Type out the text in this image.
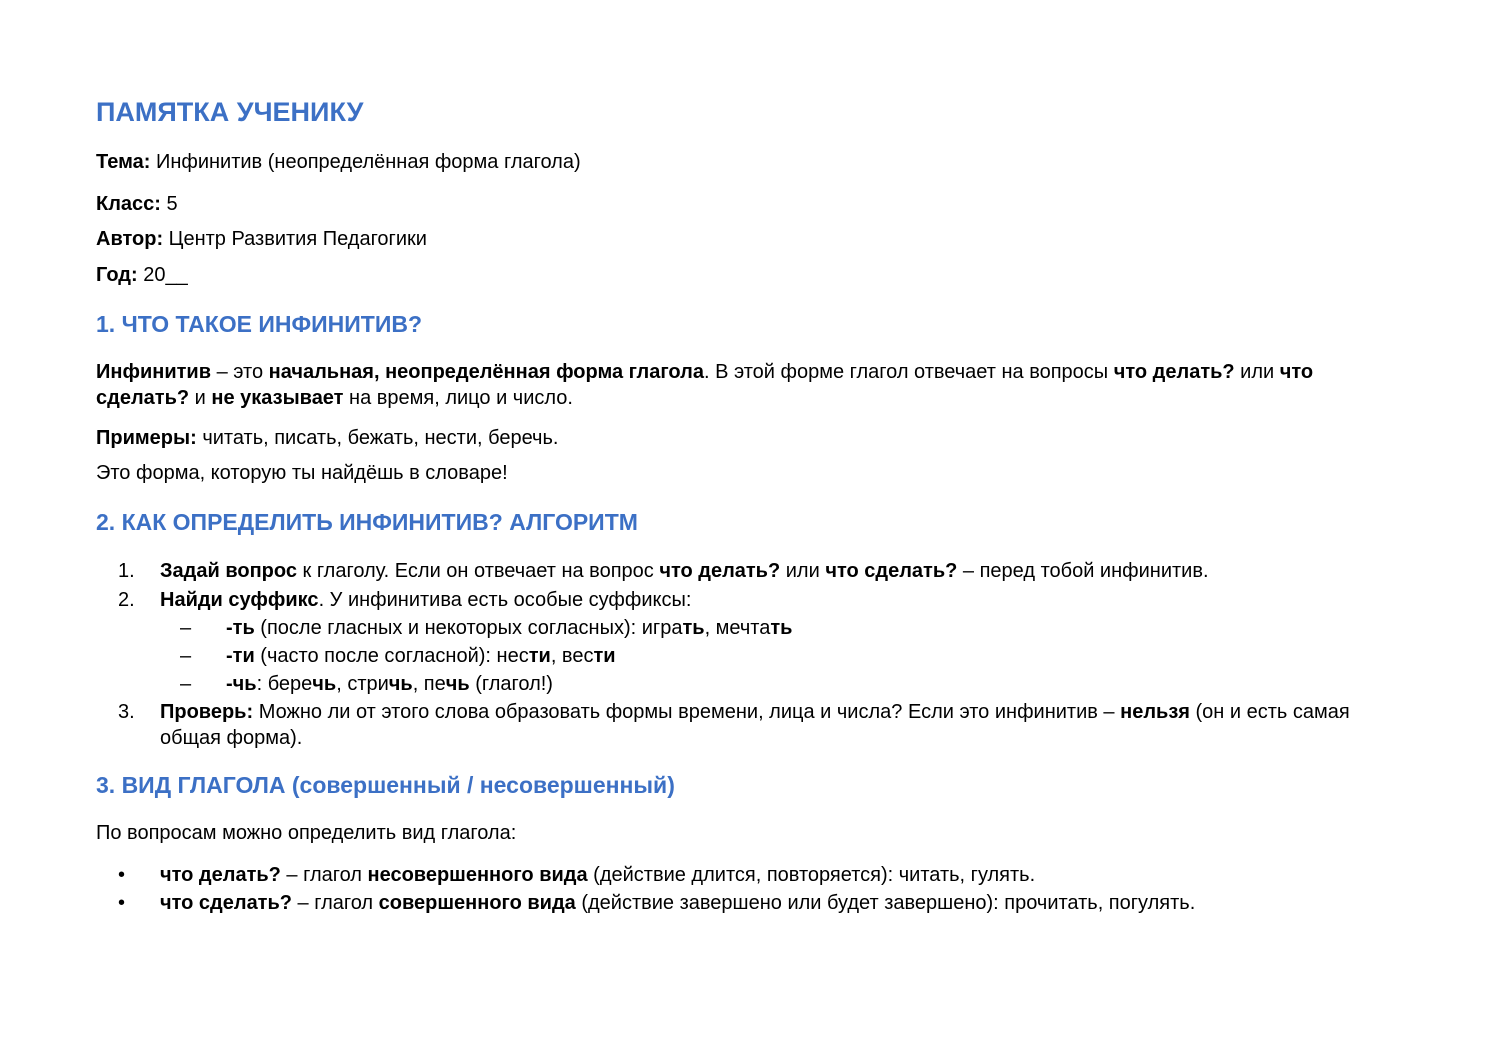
ПАМЯТКА УЧЕНИКУ

Тема: Инфинитив (неопределённая форма глагола)

Класс: 5

Автор: Центр Развития Педагогики

Год: 20__

1. ЧТО ТАКОЕ ИНФИНИТИВ?

Инфинитив – это начальная, неопределённая форма глагола. В этой форме глагол отвечает на вопросы что делать? или что сделать? и не указывает на время, лицо и число.

Примеры: читать, писать, бежать, нести, беречь.

Это форма, которую ты найдёшь в словаре!

2. КАК ОПРЕДЕЛИТЬ ИНФИНИТИВ? АЛГОРИТМ
1. Задай вопрос к глаголу. Если он отвечает на вопрос что делать? или что сделать? – перед тобой инфинитив.
2. Найди суффикс. У инфинитива есть особые суффиксы:
– -ть (после гласных и некоторых согласных): играть, мечтать
– -ти (часто после согласной): нести, вести
– -чь: беречь, стричь, печь (глагол!)
3. Проверь: Можно ли от этого слова образовать формы времени, лица и числа? Если это инфинитив – нельзя (он и есть самая общая форма).
3. ВИД ГЛАГОЛА (совершенный / несовершенный)

По вопросам можно определить вид глагола:

• что делать? – глагол несовершенного вида (действие длится, повторяется): читать, гулять.
• что сделать? – глагол совершенного вида (действие завершено или будет завершено): прочитать, погулять.
